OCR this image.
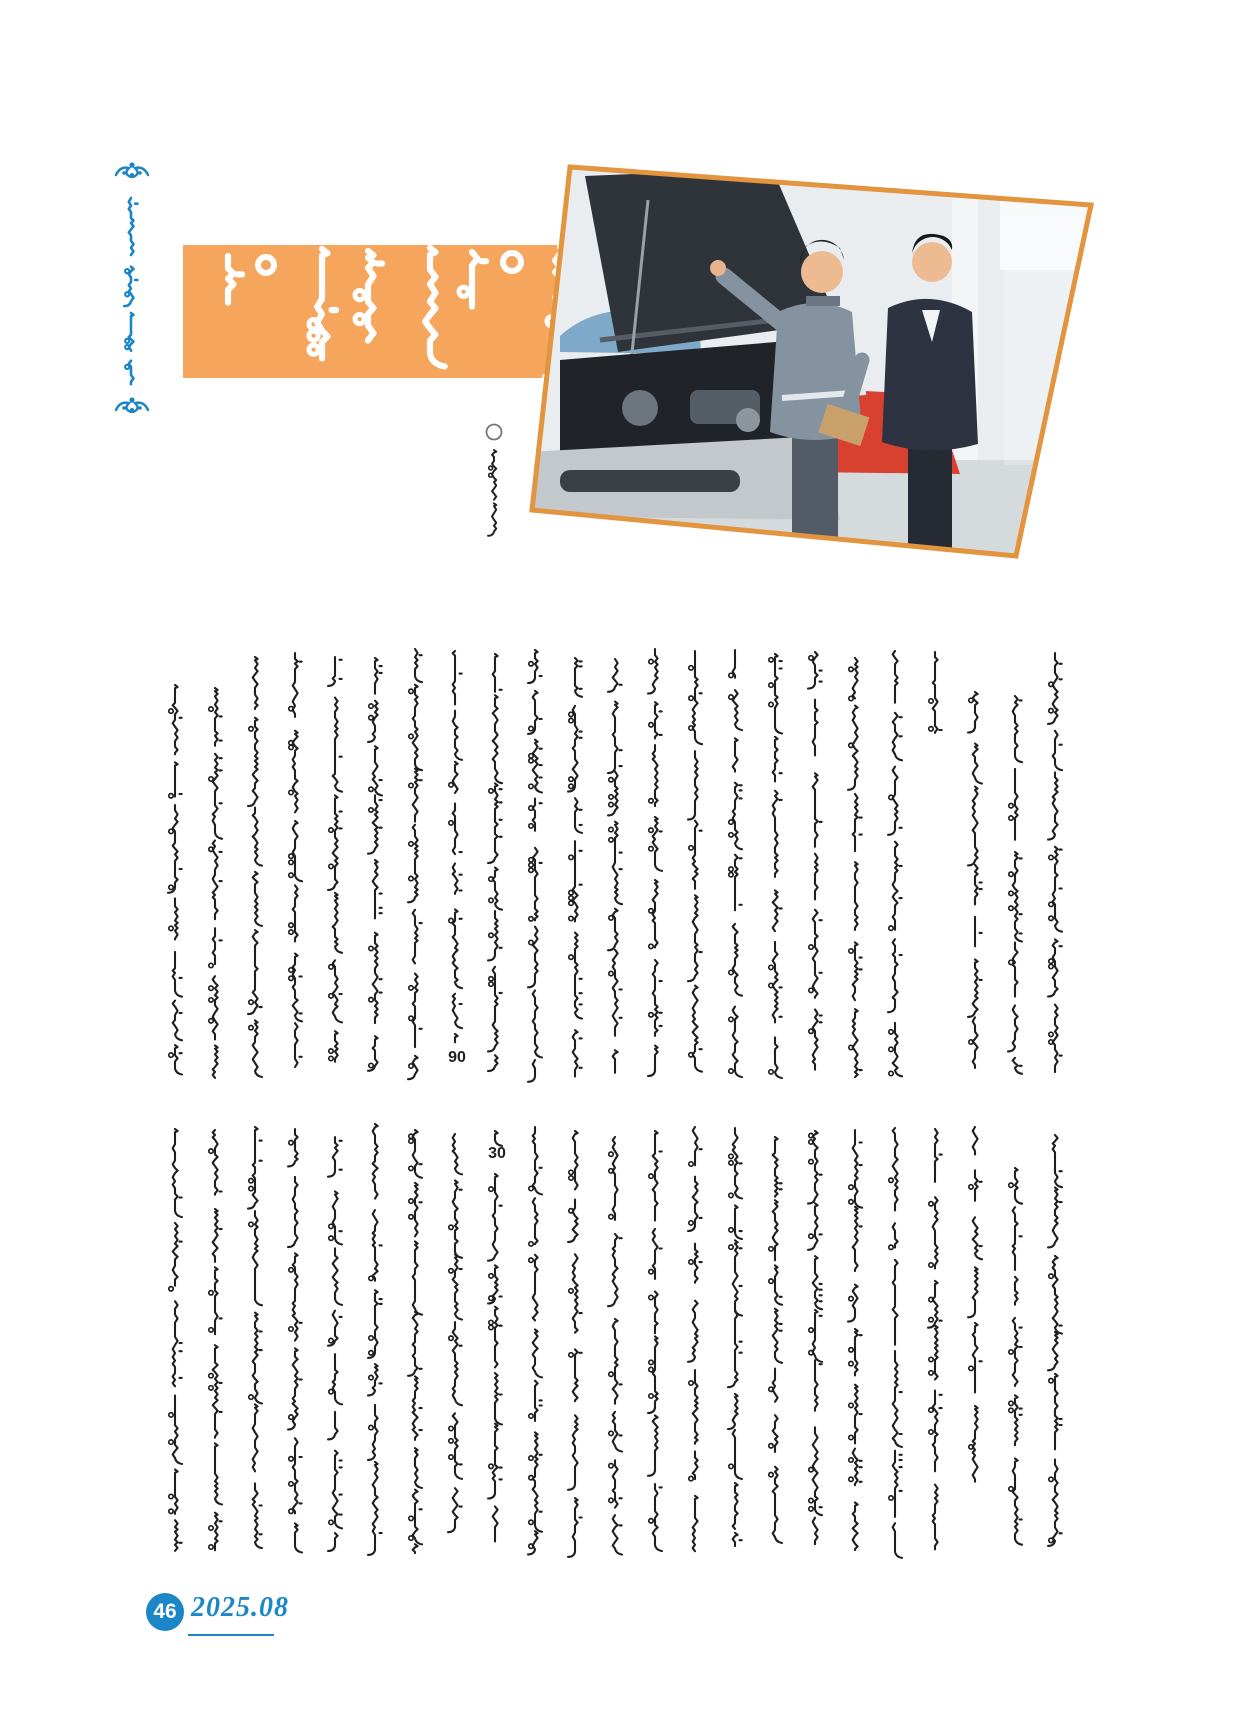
90
30
46 2025.08
